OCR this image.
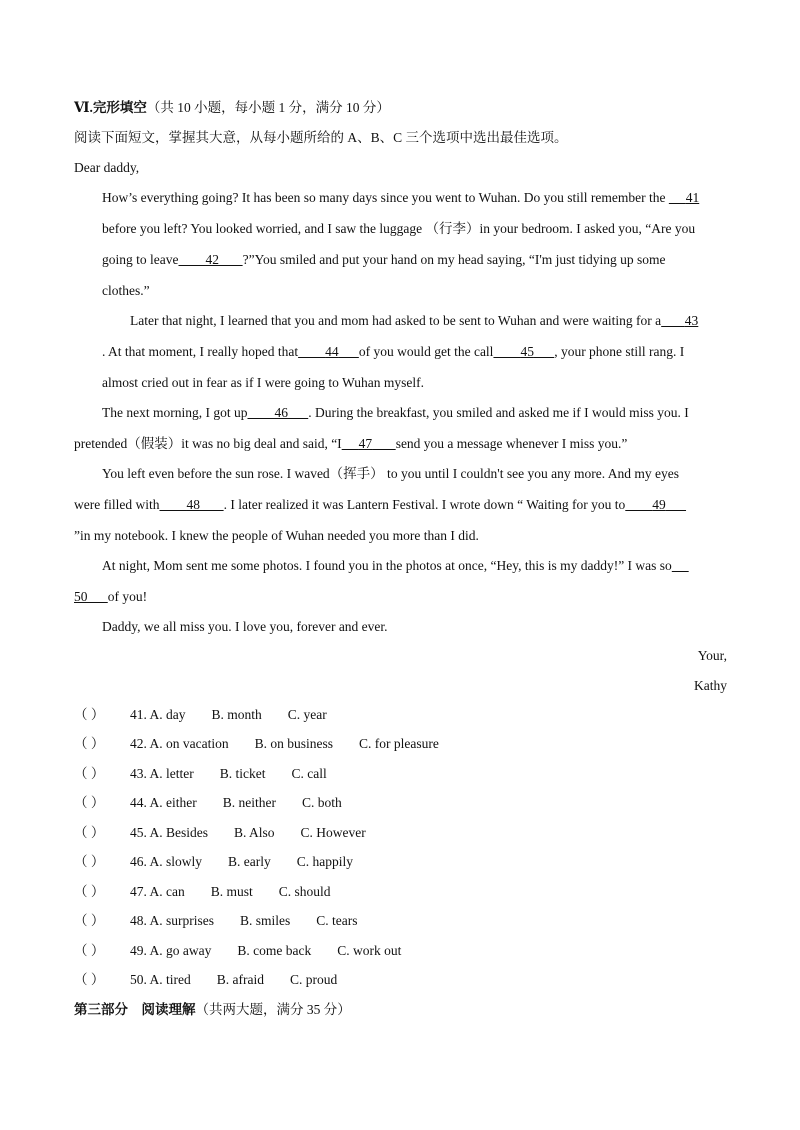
Ⅵ.完形填空（共 10 小题，每小题 1 分，满分 10 分）
阅读下面短文，掌握其大意，从每小题所给的 A、B、C 三个选项中选出最佳选项。
Dear daddy,
How’s everything going? It has been so many days since you went to Wuhan. Do you still remember the      41
before you left? You looked worried, and I saw the luggage （行李）in your bedroom. I asked you, “Are you
going to leave 42 ?”You smiled and put your hand on my head saying, “I'm just tidying up some
clothes.”
Later that night, I learned that you and mom had asked to be sent to Wuhan and were waiting for a 43
. At that moment, I really hoped that 44 of you would get the call 45 , your phone still rang. I
almost cried out in fear as if I were going to Wuhan myself.
The next morning, I got up 46 . During the breakfast, you smiled and asked me if I would miss you. I
pretended（假装）it was no big deal and said, “I 47 send you a message whenever I miss you.”
You left even before the sun rose. I waved（挥手） to you until I couldn't see you any more. And my eyes
were filled with 48 . I later realized it was Lantern Festival. I wrote down “ Waiting for you to 49
”in my notebook. I knew the people of Wuhan needed you more than I did.
At night, Mom sent me some photos. I found you in the photos at once, “Hey, this is my daddy!” I was so
50 of you!
Daddy, we all miss you. I love you, forever and ever.
Your,
Kathy
（ ） 41. A. day B. month C. year
（ ） 42. A. on vacation B. on business C. for pleasure
（ ） 43. A. letter B. ticket C. call
（ ） 44. A. either B. neither C. both
（ ） 45. A. Besides B. Also C. However
（ ） 46. A. slowly B. early C. happily
（ ） 47. A. can B. must C. should
（ ） 48. A. surprises B. smiles C. tears
（ ） 49. A. go away B. come back C. work out
（ ） 50. A. tired B. afraid C. proud
第三部分　阅读理解（共两大题，满分 35 分）
